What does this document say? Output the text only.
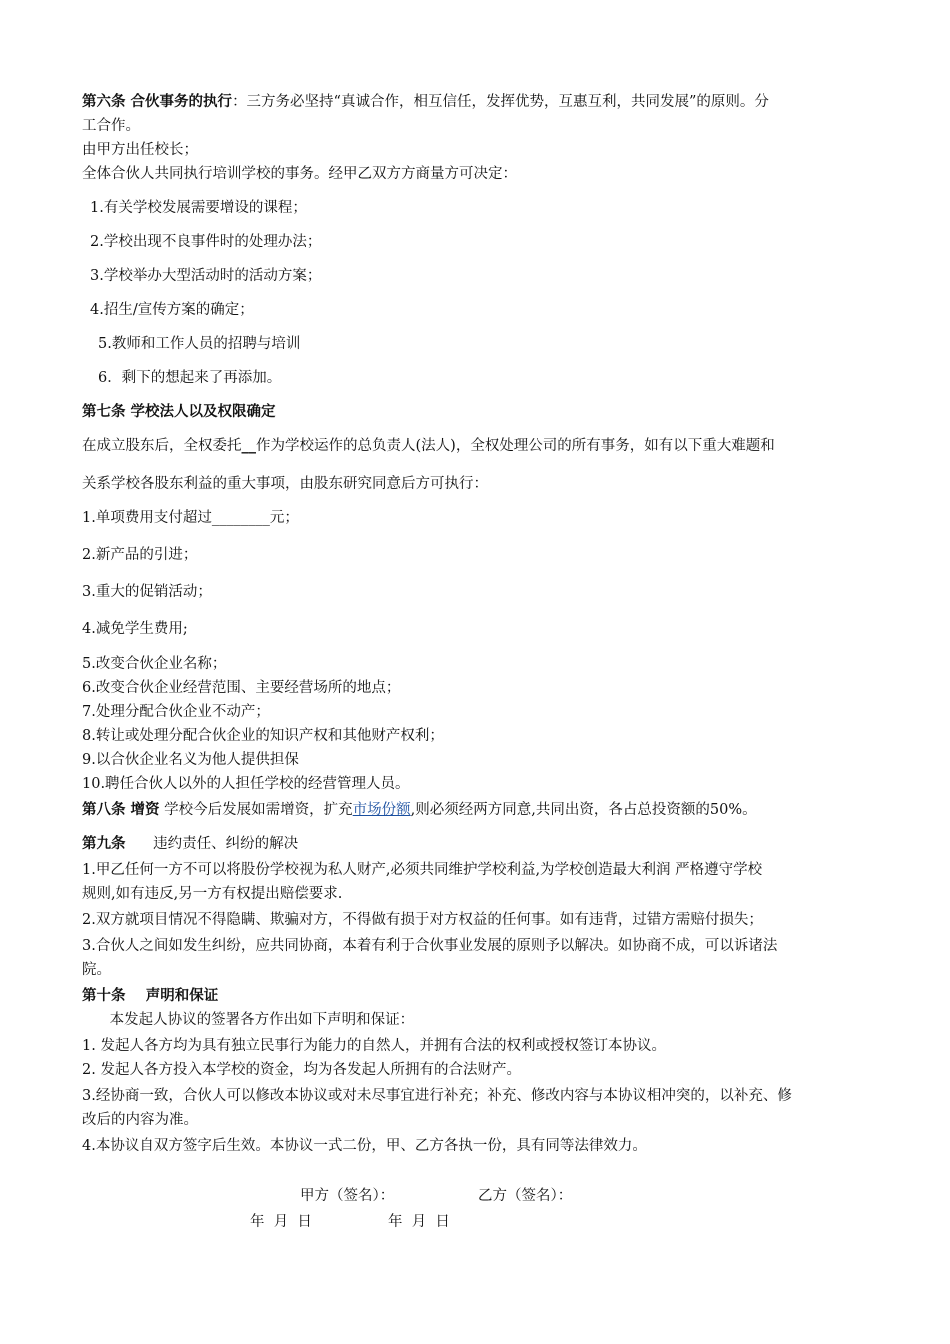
第六条 合伙事务的执行：三方务必坚持“真诚合作，相互信任，发挥优势，互惠互利，共同发展”的原则。分
工合作。
由甲方出任校长；
全体合伙人共同执行培训学校的事务。经甲乙双方方商量方可决定：
1.有关学校发展需要增设的课程；
2.学校出现不良事件时的处理办法；
3.学校举办大型活动时的活动方案；
4.招生/宣传方案的确定；
5.教师和工作人员的招聘与培训
6．剩下的想起来了再添加。
第七条 学校法人以及权限确定
在成立股东后，全权委托__作为学校运作的总负责人(法人)，全权处理公司的所有事务，如有以下重大难题和
关系学校各股东利益的重大事项，由股东研究同意后方可执行：
1.单项费用支付超过________元；
2.新产品的引进；
3.重大的促销活动；
4.减免学生费用;
5.改变合伙企业名称；
6.改变合伙企业经营范围、主要经营场所的地点；
7.处理分配合伙企业不动产；
8.转让或处理分配合伙企业的知识产权和其他财产权利；
9.以合伙企业名义为他人提供担保
10.聘任合伙人以外的人担任学校的经营管理人员。
第八条 增资 学校今后发展如需增资，扩充市场份额,则必须经两方同意,共同出资，各占总投资额的50%。
第九条      违约责任、纠纷的解决
1.甲乙任何一方不可以将股份学校视为私人财产,必须共同维护学校利益,为学校创造最大利润 严格遵守学校
规则,如有违反,另一方有权提出赔偿要求.
2.双方就项目情况不得隐瞒、欺骗对方，不得做有损于对方权益的任何事。如有违背，过错方需赔付损失；
3.合伙人之间如发生纠纷，应共同协商，本着有利于合伙事业发展的原则予以解决。如协商不成，可以诉诸法
院。
第十条    声明和保证
本发起人协议的签署各方作出如下声明和保证：
1. 发起人各方均为具有独立民事行为能力的自然人，并拥有合法的权利或授权签订本协议。
2. 发起人各方投入本学校的资金，均为各发起人所拥有的合法财产。
3.经协商一致，合伙人可以修改本协议或对未尽事宜进行补充；补充、修改内容与本协议相冲突的，以补充、修
改后的内容为准。
4.本协议自双方签字后生效。本协议一式二份，甲、乙方各执一份，具有同等法律效力。
甲方（签名）：	乙方（签名）：
年  月  日	年  月  日
